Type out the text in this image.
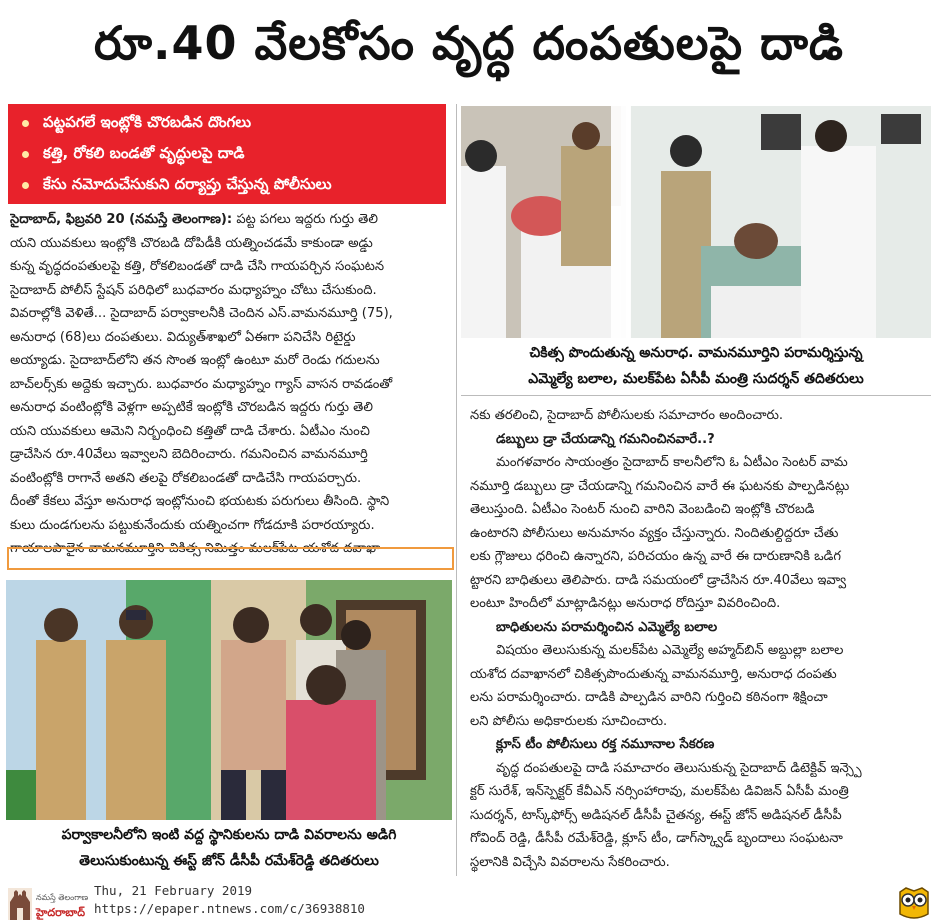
రూ.40 వేలకోసం వృద్ధ దంపతులపై దాడి
పట్టపగలే ఇంట్లోకి చొరబడిన దొంగలు
కత్తి, రోకలి బండతో వృద్ధులపై దాడి
కేసు నమోదుచేసుకుని దర్యాప్తు చేస్తున్న పోలీసులు
సైదాబాద్, ఫిబ్రవరి 20 (నమస్తే తెలంగాణ): పట్ట పగలు ఇద్దరు గుర్తు తెలి
యని యువకులు ఇంట్లోకి చొరబడి దోపిడీకి యత్నించడమే కాకుండా అడ్డు
కున్న వృద్ధదంపతులపై కత్తి, రోకలిబండతో దాడి చేసి గాయపర్చిన సంఘటన
సైదాబాద్ పోలీస్ స్టేషన్ పరిధిలో బుధవారం మధ్యాహ్నం చోటు చేసుకుంది.
వివరాల్లోకి వెళితే... సైదాబాద్ పర్వాకాలనీకి చెందిన ఎస్.వామనమూర్తి (75),
అనురాధ (68)లు దంపతులు. విద్యుత్‌శాఖలో ఏఈగా పనిచేసి రిటైర్డు
అయ్యాడు. సైదాబాద్‌లోని తన సొంత ఇంట్లో ఉంటూ మరో రెండు గదులను
బాచ్‌లర్స్‌కు అద్దెకు ఇచ్చారు. బుధవారం మధ్యాహ్నం గ్యాస్ వాసన రావడంతో
అనురాధ వంటింట్లోకి వెళ్లగా అప్పటికే ఇంట్లోకి చొరబడిన ఇద్దరు గుర్తు తెలి
యని యువకులు ఆమెని నిర్బంధించి కత్తితో దాడి చేశారు. ఏటీఎం నుంచి
డ్రాచేసిన రూ.40వేలు ఇవ్వాలని బెదిరించారు. గమనించిన వామనమూర్తి
వంటింట్లోకి రాగానే అతని తలపై రోకలిబండతో దాడిచేసి గాయపర్చారు.
దీంతో కేకలు వేస్తూ అనురాధ ఇంట్లోనుంచి భయటకు పరుగులు తీసింది. స్థాని
కులు దుండగులను పట్టుకునేందుకు యత్నించగా గోడదూకి పరారయ్యారు.
గాయాలపాలైన వామనమూర్తిని చికిత్స నిమిత్తం మలక్‌పేట యశోద దవాఖా
చికిత్స పొందుతున్న అనురాధ. వామనమూర్తిని పరామర్శిస్తున్న
ఎమ్మెల్యే బలాల, మలక్‌పేట ఏసీపీ మంత్రి సుదర్శన్ తదితరులు
నకు తరలించి, సైదాబాద్ పోలీసులకు సమాచారం అందించారు.
డబ్బులు డ్రా చేయడాన్ని గమనించినవారే..?
మంగళవారం సాయంత్రం సైదాబాద్ కాలనీలోని ఓ ఏటీఎం సెంటర్ వామ
నమూర్తి డబ్బులు డ్రా చేయడాన్ని గమనించిన వారే ఈ ఘటనకు పాల్పడినట్లు
తెలుస్తుంది. ఏటీఎం సెంటర్ నుంచి వారిని వెంబడించి ఇంట్లోకి చొరబడి
ఉంటారని పోలీసులు అనుమానం వ్యక్తం చేస్తున్నారు. నిందితుల్దిద్దరూ చేతు
లకు గ్లౌజులు ధరించి ఉన్నారని, పరిచయం ఉన్న వారే ఈ దారుణానికి ఒడిగ
ట్టారని బాధితులు తెలిపారు. దాడి సమయంలో డ్రాచేసిన రూ.40వేలు ఇవ్వా
లంటూ హిందీలో మాట్లాడినట్లు అనురాధ రోదిస్తూ వివరించింది.
బాధితులను పరామర్శించిన ఎమ్మెల్యే బలాల
విషయం తెలుసుకున్న మలక్‌పేట ఎమ్మెల్యే అహ్మద్‌బిన్ అబ్దుల్లా బలాల
యశోద దవాఖానలో చికిత్సపొందుతున్న వామనమూర్తి, అనురాధ దంపతు
లను పరామర్శించారు. దాడికి పాల్పడిన వారిని గుర్తించి కఠినంగా శిక్షించా
లని పోలీసు అధికారులకు సూచించారు.
క్లూస్ టీం పోలీసులు రక్త నమూనాల సేకరణ
వృద్ధ దంపతులపై దాడి సమాచారం తెలుసుకున్న సైదాబాద్ డిటెక్టివ్ ఇన్స్పె
క్టర్ సురేశ్, ఇన్‌స్పెక్టర్ కేవీఎన్ నర్సింహారావు, మలక్‌పేట డివిజన్ ఏసీపీ మంత్రి
సుదర్శన్, టాస్క్‌ఫోర్స్ అడిషనల్ డీసీపీ చైతన్య, ఈస్ట్ జోన్ అడిషనల్ డీసీపీ
గోవింద్ రెడ్డి, డీసీపీ రమేశ్‌రెడ్డి, క్లూస్ టీం, డాగ్‌స్క్వాడ్ బృందాలు సంఘటనా
స్థలానికి విచ్చేసి వివరాలను సేకరించారు.
పర్వాకాలనీలోని ఇంటి వద్ద స్థానికులను దాడి వివరాలను అడిగి
తెలుసుకుంటున్న ఈస్ట్ జోన్ డీసీపీ రమేశ్‌రెడ్డి తదితరులు
నమస్తే తెలంగాణ
హైదరాబాద్
Thu, 21 February 2019
https://epaper.ntnews.com/c/36938810
